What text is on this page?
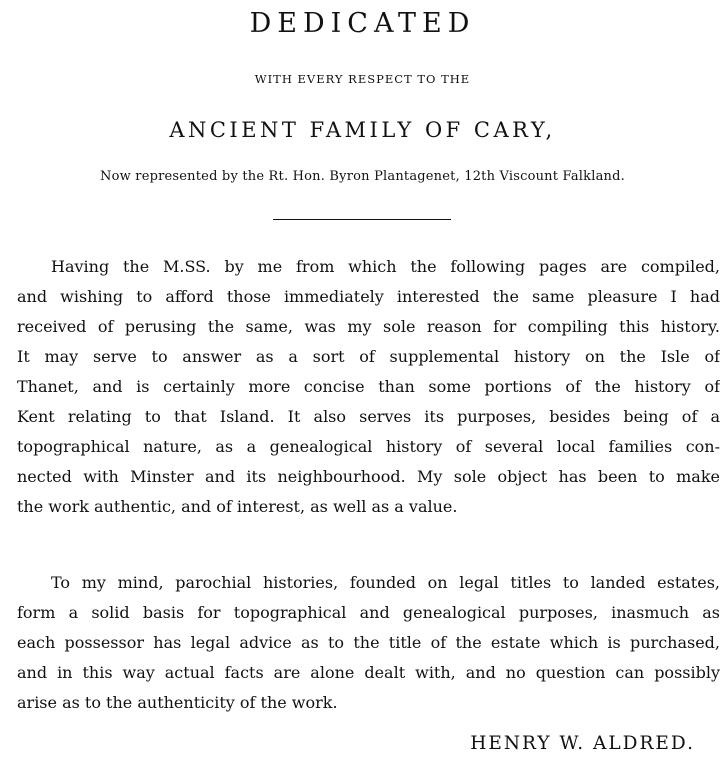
DEDICATED
WITH EVERY RESPECT TO THE
ANCIENT FAMILY OF CARY,
Now represented by the Rt. Hon. Byron Plantagenet, 12th Viscount Falkland.
Having the M.SS. by me from which the following pages are compiled,
and wishing to afford those immediately interested the same pleasure I had
received of perusing the same, was my sole reason for compiling this history.
It may serve to answer as a sort of supplemental history on the Isle of
Thanet, and is certainly more concise than some portions of the history of
Kent relating to that Island. It also serves its purposes, besides being of a
topographical nature, as a genealogical history of several local families con-
nected with Minster and its neighbourhood. My sole object has been to make
the work authentic, and of interest, as well as a value.
To my mind, parochial histories, founded on legal titles to landed estates,
form a solid basis for topographical and genealogical purposes, inasmuch as
each possessor has legal advice as to the title of the estate which is purchased,
and in this way actual facts are alone dealt with, and no question can possibly
arise as to the authenticity of the work.
HENRY W. ALDRED.
